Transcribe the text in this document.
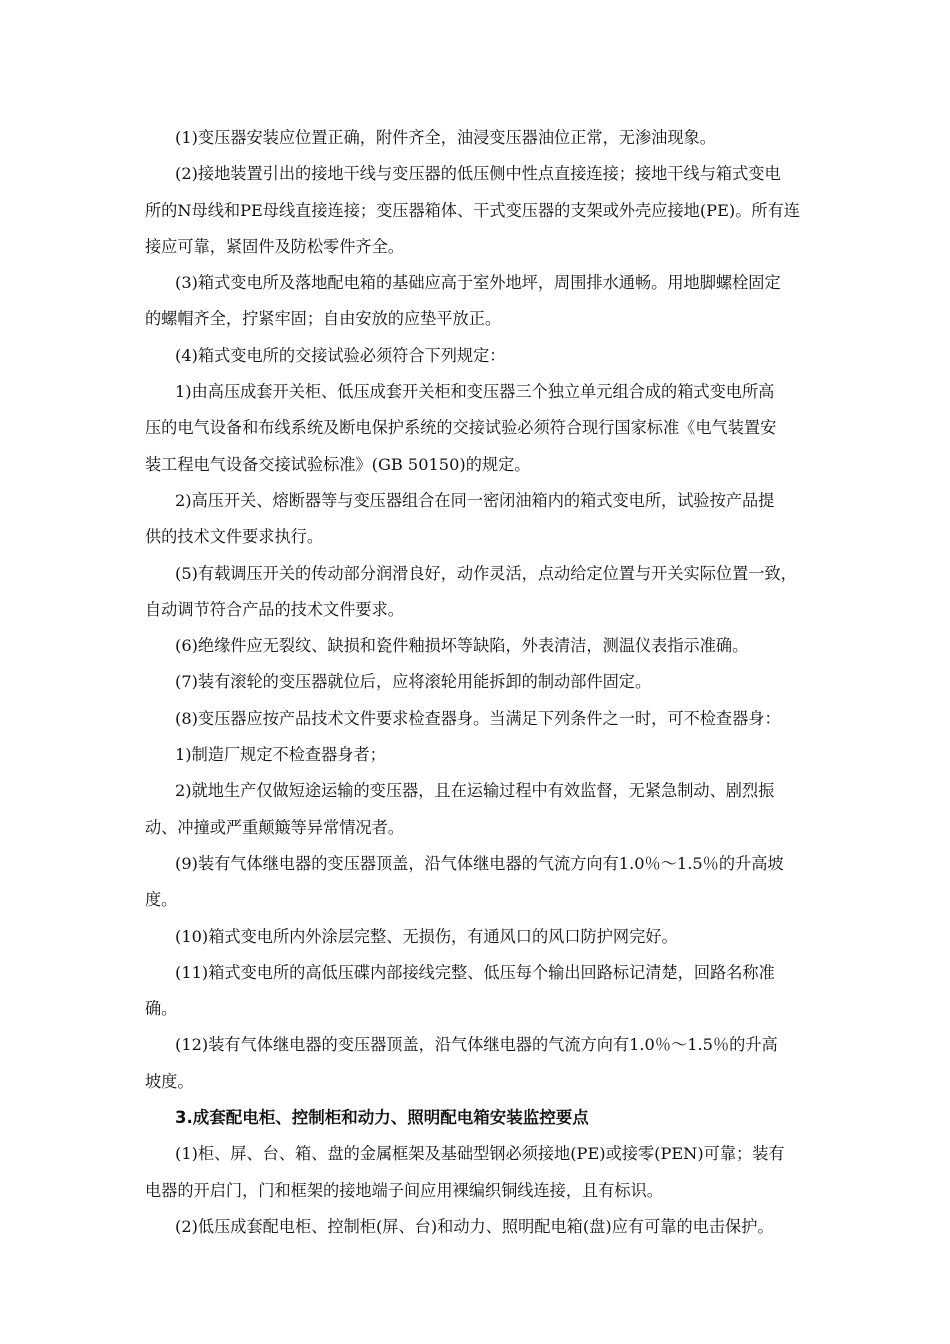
(1)变压器安装应位置正确，附件齐全，油浸变压器油位正常，无渗油现象。
(2)接地装置引出的接地干线与变压器的低压侧中性点直接连接；接地干线与箱式变电
所的N母线和PE母线直接连接；变压器箱体、干式变压器的支架或外壳应接地(PE)。所有连
接应可靠，紧固件及防松零件齐全。
(3)箱式变电所及落地配电箱的基础应高于室外地坪，周围排水通畅。用地脚螺栓固定
的螺帽齐全，拧紧牢固；自由安放的应垫平放正。
(4)箱式变电所的交接试验必须符合下列规定：
1)由高压成套开关柜、低压成套开关柜和变压器三个独立单元组合成的箱式变电所高
压的电气设备和布线系统及断电保护系统的交接试验必须符合现行国家标准《电气装置安
装工程电气设备交接试验标准》(GB 50150)的规定。
2)高压开关、熔断器等与变压器组合在同一密闭油箱内的箱式变电所，试验按产品提
供的技术文件要求执行。
(5)有载调压开关的传动部分润滑良好，动作灵活，点动给定位置与开关实际位置一致，
自动调节符合产品的技术文件要求。
(6)绝缘件应无裂纹、缺损和瓷件釉损坏等缺陷，外表清洁，测温仪表指示准确。
(7)装有滚轮的变压器就位后，应将滚轮用能拆卸的制动部件固定。
(8)变压器应按产品技术文件要求检查器身。当满足下列条件之一时，可不检查器身：
1)制造厂规定不检查器身者；
2)就地生产仅做短途运输的变压器，且在运输过程中有效监督，无紧急制动、剧烈振
动、冲撞或严重颠簸等异常情况者。
(9)装有气体继电器的变压器顶盖，沿气体继电器的气流方向有1.0％～1.5％的升高坡
度。
(10)箱式变电所内外涂层完整、无损伤，有通风口的风口防护网完好。
(11)箱式变电所的高低压碟内部接线完整、低压每个输出回路标记清楚，回路名称准
确。
(12)装有气体继电器的变压器顶盖，沿气体继电器的气流方向有1.0％～1.5％的升高
坡度。
3.成套配电柜、控制柜和动力、照明配电箱安装监控要点
(1)柜、屏、台、箱、盘的金属框架及基础型钢必须接地(PE)或接零(PEN)可靠；装有
电器的开启门，门和框架的接地端子间应用裸编织铜线连接，且有标识。
(2)低压成套配电柜、控制柜(屏、台)和动力、照明配电箱(盘)应有可靠的电击保护。
